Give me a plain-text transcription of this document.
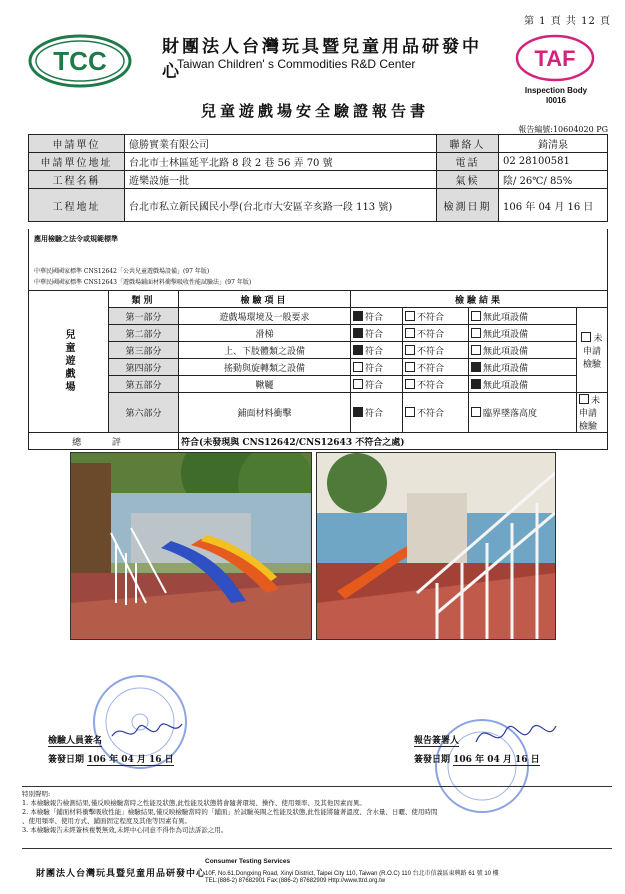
第 1 頁 共 12 頁
TCC	財團法人台灣玩具暨兒童用品研發中心
Taiwan Children' s Commodities R&D Center	TAF
Inspection Body
I0016
兒童遊戲場安全驗證報告書
報告編號:10604020 PG
申請單位	億勝實業有限公司	聯絡人	錡清泉
申請單位地址	台北市士林區延平北路 8 段 2 巷 56 弄 70 號	電話	02 28100581
工程名稱	遊樂設施一批	氣候	陰/ 26℃/ 85%
工程地址	台北市私立新民國民小學(台北市大安區辛亥路一段 113 號)	檢測日期	106 年 04 月 16 日
應用檢驗之法令或規範標準
中華民國國家標準 CNS12642「公共兒童遊戲場設備」(97 年版)
中華民國國家標準 CNS12643「遊戲場鋪面材料衝擊吸收性能試驗法」(97 年版)
兒童遊戲場	類別	檢驗項目	檢驗結果			
	第一部分	遊戲場環境及一般要求	符合	不符合	無此項設備	未申請檢驗
	第二部分	滑梯	符合	不符合	無此項設備	
	第三部分	上、下肢體類之設備	符合	不符合	無此項設備	
	第四部分	搖動與旋轉類之設備	符合	不符合	無此項設備	
	第五部分	鞦韆	符合	不符合	無此項設備	
	第六部分	鋪面材料衝擊	符合	不符合	臨界墜落高度	未申請檢驗
總 評		符合(未發現與 CNS12642/CNS12643 不符合之處)				
檢驗人員簽名
簽發日期 106 年 04 月 16 日
報告簽署人
簽發日期 106 年 04 月 16 日
特別聲明:
1. 本檢驗報告檢測結果,僅反映檢驗當時之性能及狀態,此性能及狀態將會隨著環境、操作、使用頻率、及其他因素而異。
2. 本檢驗「鋪面材料衝擊吸收性能」檢驗結果,僅反映檢驗當時的「鋪面」於試驗英閘之性能及狀態,此性能將隨著溫度、含水量、日曬、使用時間
、使用頻率、使用方式、鋪面固定程度及其他等因素有異。
3. 本檢驗報告未經簽核複製無效,未經中心同意不得作為司法訴訟之用。
財團法人台灣玩具暨兒童用品研發中心
Consumer Testing Services
10F, No.61,Dongxing Road, Xinyi District, Taipei City 110, Taiwan (R.O.C) 110 台北市信義區東興路 61 號 10 樓
TEL:(886-2) 87682901 Fax:(886-2) 87682909 Http://www.ttrd.org.tw
